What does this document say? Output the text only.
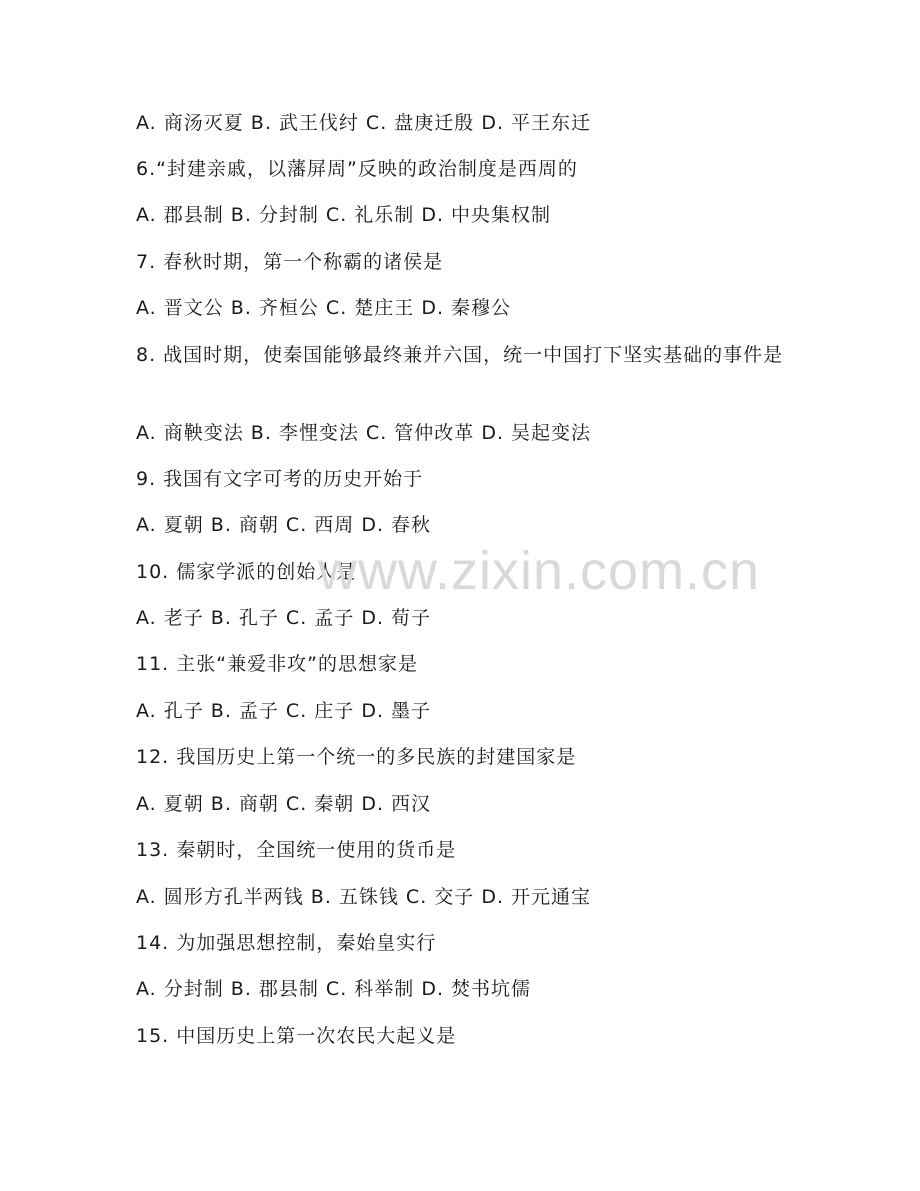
A. 商汤灭夏 B. 武王伐纣 C. 盘庚迁殷 D. 平王东迁
6.“封建亲戚，以藩屏周”反映的政治制度是西周的
A. 郡县制 B. 分封制 C. 礼乐制 D. 中央集权制
7. 春秋时期，第一个称霸的诸侯是
A. 晋文公 B. 齐桓公 C. 楚庄王 D. 秦穆公
8. 战国时期，使秦国能够最终兼并六国，统一中国打下坚实基础的事件是
A. 商鞅变法 B. 李悝变法 C. 管仲改革 D. 吴起变法
9. 我国有文字可考的历史开始于
A. 夏朝 B. 商朝 C. 西周 D. 春秋
10. 儒家学派的创始人是
A. 老子 B. 孔子 C. 孟子 D. 荀子
11. 主张“兼爱非攻”的思想家是
A. 孔子 B. 孟子 C. 庄子 D. 墨子
12. 我国历史上第一个统一的多民族的封建国家是
A. 夏朝 B. 商朝 C. 秦朝 D. 西汉
13. 秦朝时，全国统一使用的货币是
A. 圆形方孔半两钱 B. 五铢钱 C. 交子 D. 开元通宝
14. 为加强思想控制，秦始皇实行
A. 分封制 B. 郡县制 C. 科举制 D. 焚书坑儒
15. 中国历史上第一次农民大起义是
www.zixin.com.cn
